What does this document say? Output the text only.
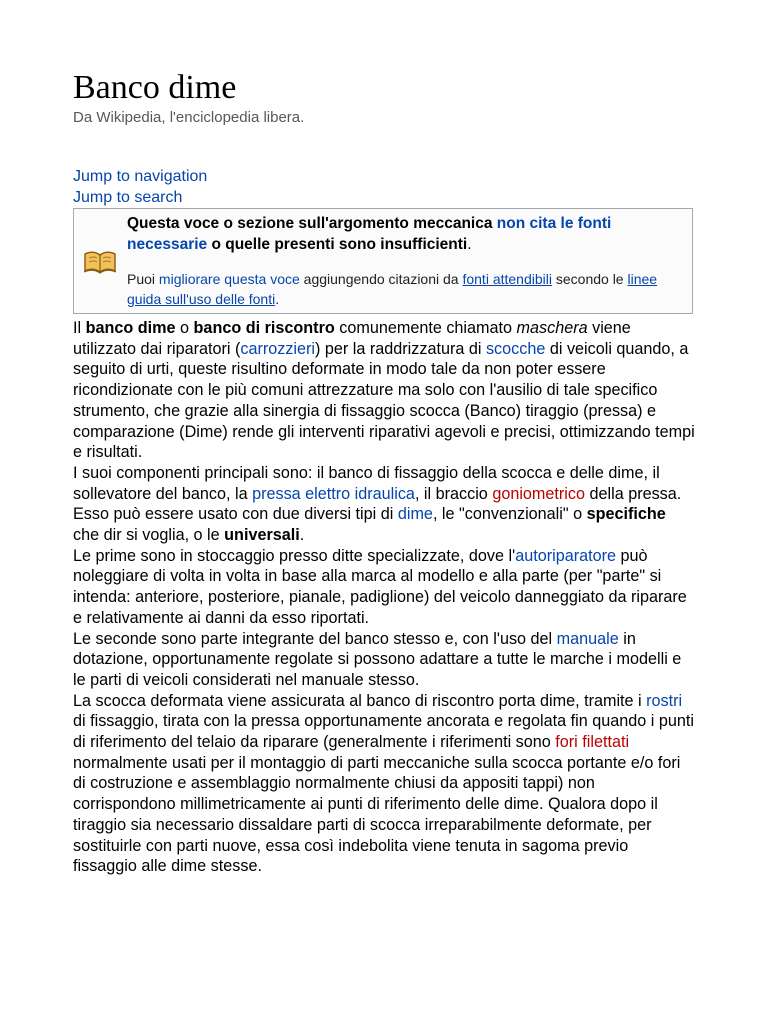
Banco dime
Da Wikipedia, l'enciclopedia libera.
Jump to navigation
Jump to search
Questa voce o sezione sull'argomento meccanica non cita le fonti necessarie o quelle presenti sono insufficienti.
Puoi migliorare questa voce aggiungendo citazioni da fonti attendibili secondo le linee guida sull'uso delle fonti.

Il banco dime o banco di riscontro comunemente chiamato maschera viene utilizzato dai riparatori (carrozzieri) per la raddrizzatura di scocche di veicoli quando, a seguito di urti, queste risultino deformate in modo tale da non poter essere ricondizionate con le più comuni attrezzature ma solo con l'ausilio di tale specifico strumento, che grazie alla sinergia di fissaggio scocca (Banco) tiraggio (pressa) e comparazione (Dime) rende gli interventi riparativi agevoli e precisi, ottimizzando tempi e risultati.

I suoi componenti principali sono: il banco di fissaggio della scocca e delle dime, il sollevatore del banco, la pressa elettro idraulica, il braccio goniometrico della pressa.

Esso può essere usato con due diversi tipi di dime, le "convenzionali" o specifiche che dir si voglia, o le universali.

Le prime sono in stoccaggio presso ditte specializzate, dove l'autoriparatore può noleggiare di volta in volta in base alla marca al modello e alla parte (per "parte" si intenda: anteriore, posteriore, pianale, padiglione) del veicolo danneggiato da riparare e relativamente ai danni da esso riportati.

Le seconde sono parte integrante del banco stesso e, con l'uso del manuale in dotazione, opportunamente regolate si possono adattare a tutte le marche i modelli e le parti di veicoli considerati nel manuale stesso.

La scocca deformata viene assicurata al banco di riscontro porta dime, tramite i rostri di fissaggio, tirata con la pressa opportunamente ancorata e regolata fin quando i punti di riferimento del telaio da riparare (generalmente i riferimenti sono fori filettati normalmente usati per il montaggio di parti meccaniche sulla scocca portante e/o fori di costruzione e assemblaggio normalmente chiusi da appositi tappi) non corrispondono millimetricamente ai punti di riferimento delle dime. Qualora dopo il tiraggio sia necessario dissaldare parti di scocca irreparabilmente deformate, per sostituirle con parti nuove, essa così indebolita viene tenuta in sagoma previo fissaggio alle dime stesse.
